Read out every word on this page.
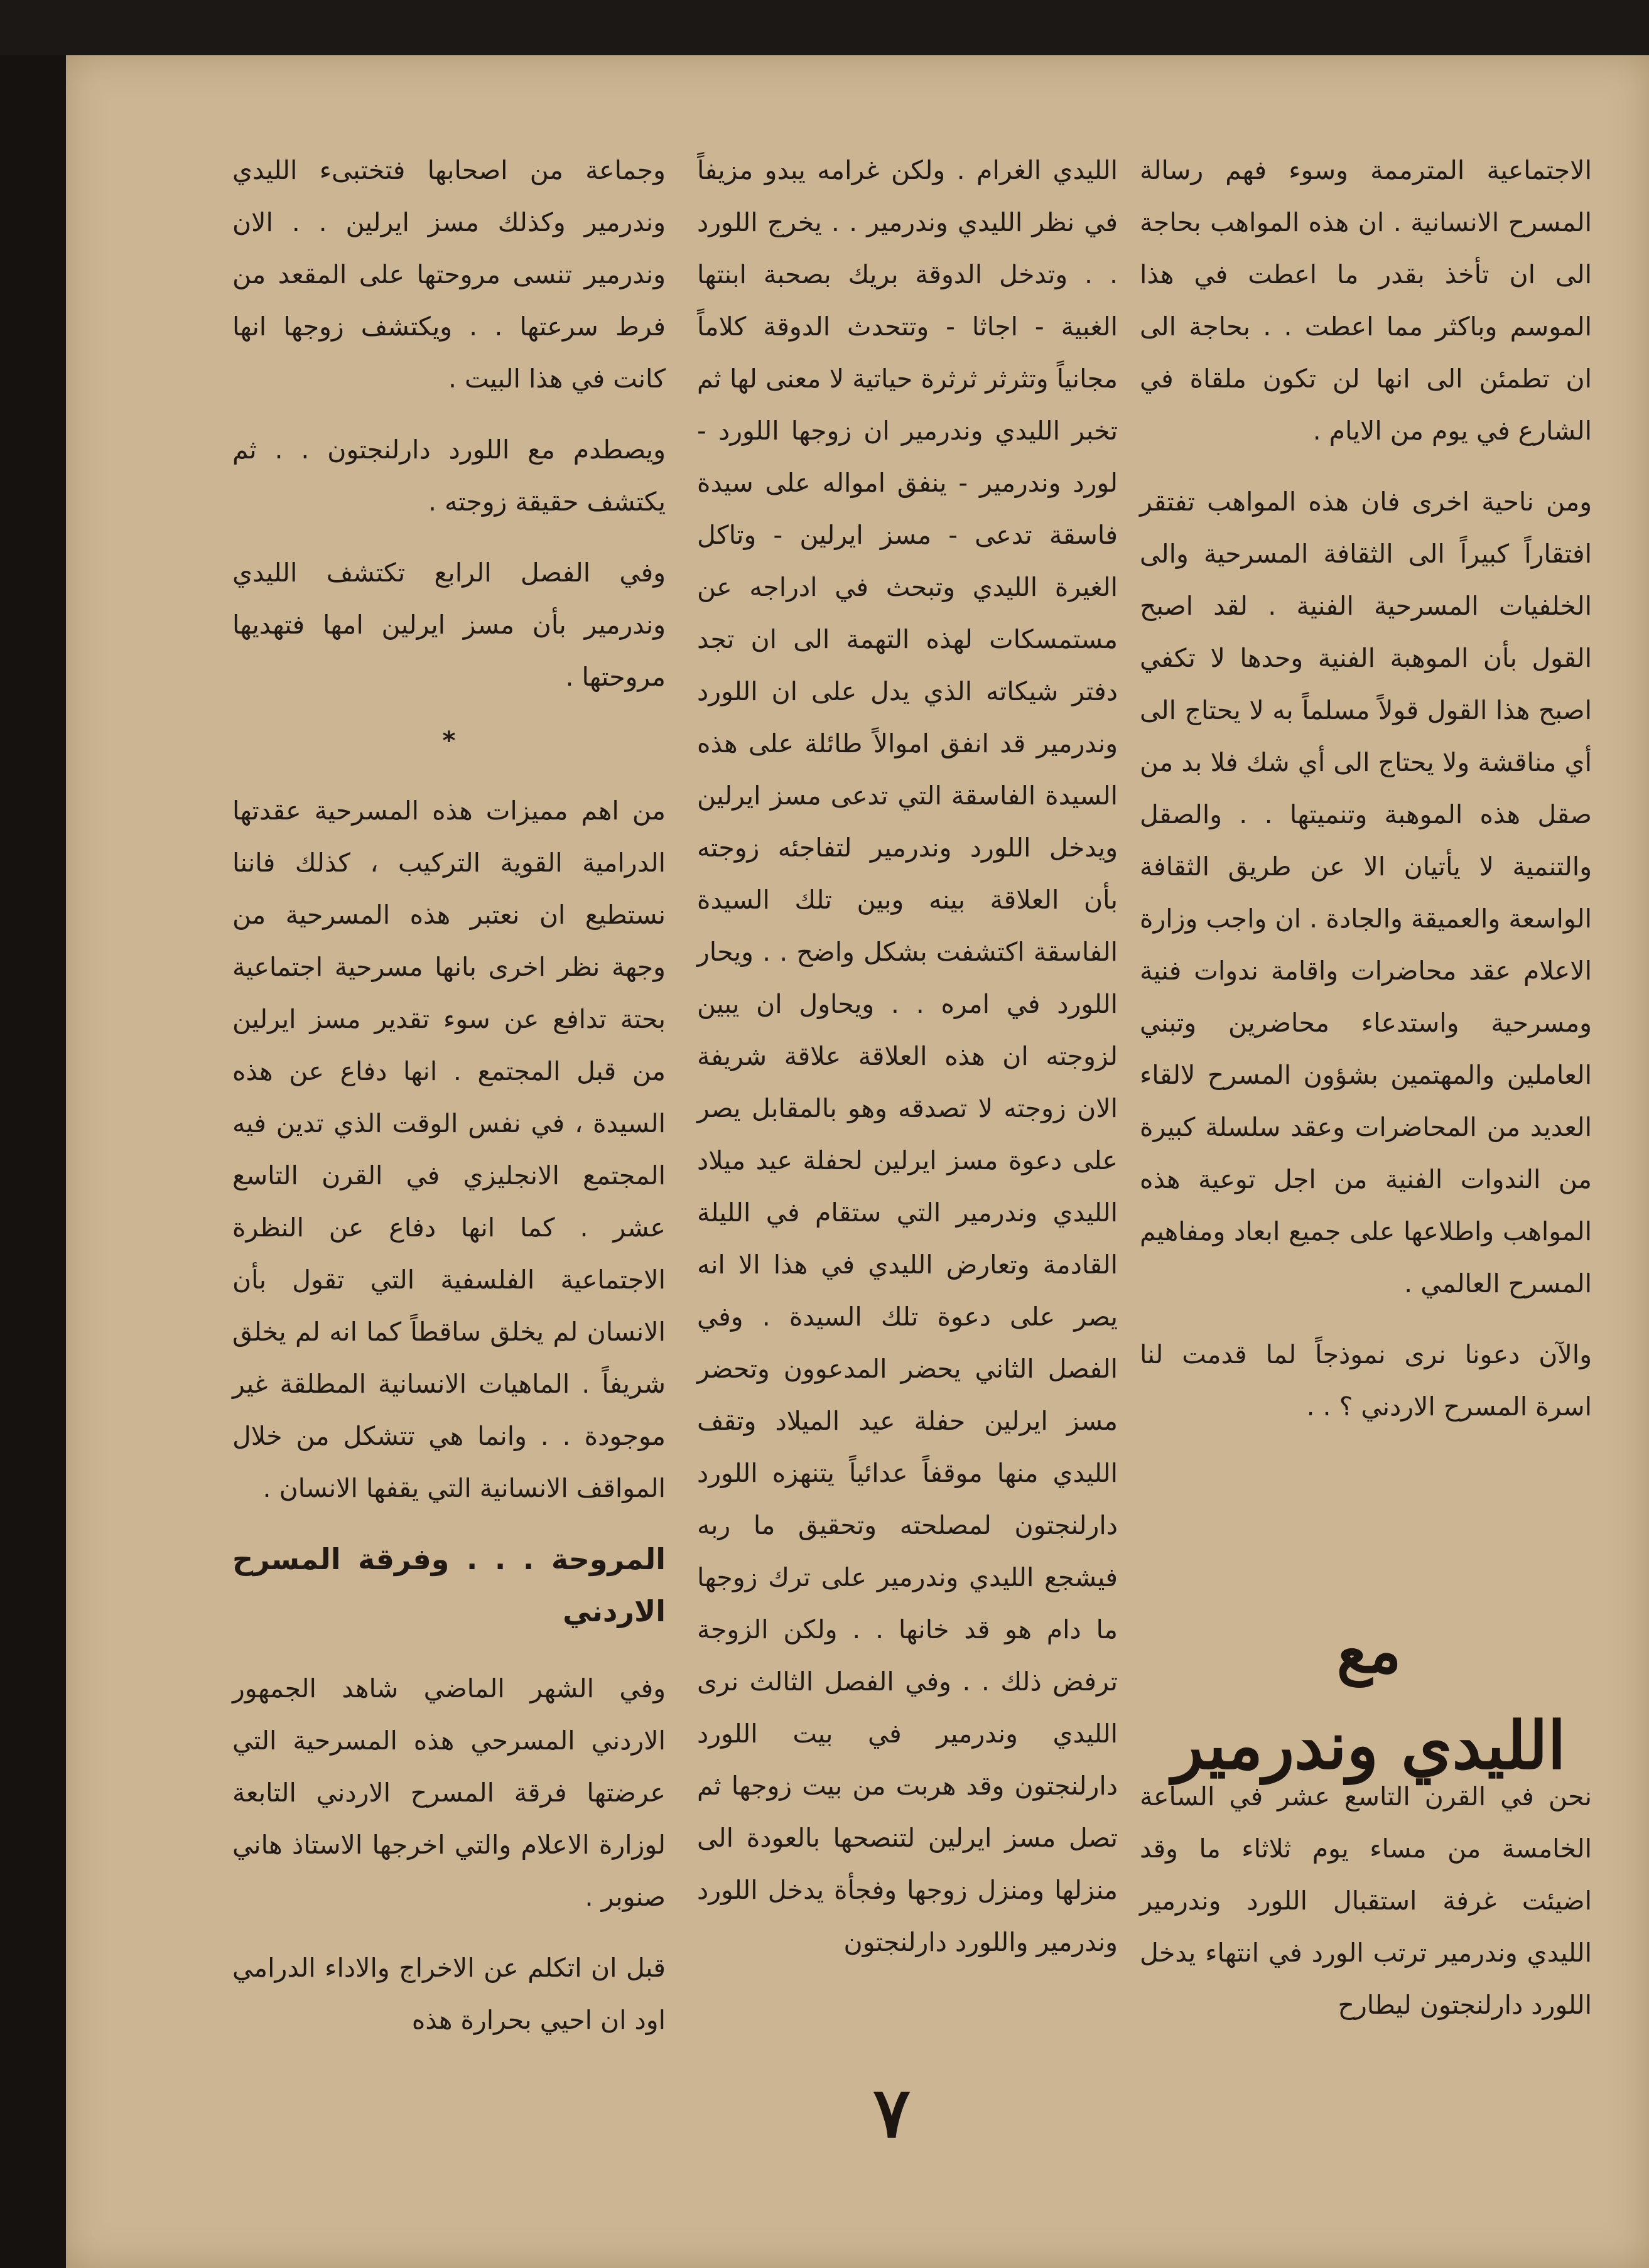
الاجتماعية المترممة وسوء فهم رسالة المسرح الانسانية . ان هذه المواهب بحاجة الى ان تأخذ بقدر ما اعطت في هذا الموسم وباكثر مما اعطت . . بحاجة الى ان تطمئن الى انها لن تكون ملقاة في الشارع في يوم من الايام .

ومن ناحية اخرى فان هذه المواهب تفتقر افتقاراً كبيراً الى الثقافة المسرحية والى الخلفيات المسرحية الفنية . لقد اصبح القول بأن الموهبة الفنية وحدها لا تكفي اصبح هذا القول قولاً مسلماً به لا يحتاج الى أي مناقشة ولا يحتاج الى أي شك فلا بد من صقل هذه الموهبة وتنميتها . . والصقل والتنمية لا يأتيان الا عن طريق الثقافة الواسعة والعميقة والجادة . ان واجب وزارة الاعلام عقد محاضرات واقامة ندوات فنية ومسرحية واستدعاء محاضرين وتبني العاملين والمهتمين بشؤون المسرح لالقاء العديد من المحاضرات وعقد سلسلة كبيرة من الندوات الفنية من اجل توعية هذه المواهب واطلاعها على جميع ابعاد ومفاهيم المسرح العالمي .

والآن دعونا نرى نموذجاً لما قدمت لنا اسرة المسرح الاردني ؟ . .

مع
الليدي وندرمير

نحن في القرن التاسع عشر في الساعة الخامسة من مساء يوم ثلاثاء ما وقد اضيئت غرفة استقبال اللورد وندرمير الليدي وندرمير ترتب الورد في انتهاء يدخل اللورد دارلنجتون ليطارح

الليدي الغرام . ولكن غرامه يبدو مزيفاً في نظر الليدي وندرمير . . يخرج اللورد . . وتدخل الدوقة بريك بصحبة ابنتها الغبية - اجاثا - وتتحدث الدوقة كلاماً مجانياً وتثرثر ثرثرة حياتية لا معنى لها ثم تخبر الليدي وندرمير ان زوجها اللورد - لورد وندرمير - ينفق امواله على سيدة فاسقة تدعى - مسز ايرلين - وتاكل الغيرة الليدي وتبحث في ادراجه عن مستمسكات لهذه التهمة الى ان تجد دفتر شيكاته الذي يدل على ان اللورد وندرمير قد انفق اموالاً طائلة على هذه السيدة الفاسقة التي تدعى مسز ايرلين ويدخل اللورد وندرمير لتفاجئه زوجته بأن العلاقة بينه وبين تلك السيدة الفاسقة اكتشفت بشكل واضح . . ويحار اللورد في امره . . ويحاول ان يبين لزوجته ان هذه العلاقة علاقة شريفة الان زوجته لا تصدقه وهو بالمقابل يصر على دعوة مسز ايرلين لحفلة عيد ميلاد الليدي وندرمير التي ستقام في الليلة القادمة وتعارض الليدي في هذا الا انه يصر على دعوة تلك السيدة . وفي الفصل الثاني يحضر المدعوون وتحضر مسز ايرلين حفلة عيد الميلاد وتقف الليدي منها موقفاً عدائياً يتنهزه اللورد دارلنجتون لمصلحته وتحقيق ما ربه فيشجع الليدي وندرمير على ترك زوجها ما دام هو قد خانها . . ولكن الزوجة ترفض ذلك . . وفي الفصل الثالث نرى الليدي وندرمير في بيت اللورد دارلنجتون وقد هربت من بيت زوجها ثم تصل مسز ايرلين لتنصحها بالعودة الى منزلها ومنزل زوجها وفجأة يدخل اللورد وندرمير واللورد دارلنجتون

وجماعة من اصحابها فتختبىء الليدي وندرمير وكذلك مسز ايرلين . . الان وندرمير تنسى مروحتها على المقعد من فرط سرعتها . . ويكتشف زوجها انها كانت في هذا البيت .

ويصطدم مع اللورد دارلنجتون . . ثم يكتشف حقيقة زوجته .

وفي الفصل الرابع تكتشف الليدي وندرمير بأن مسز ايرلين امها فتهديها مروحتها .

*

من اهم مميزات هذه المسرحية عقدتها الدرامية القوية التركيب ، كذلك فاننا نستطيع ان نعتبر هذه المسرحية من وجهة نظر اخرى بانها مسرحية اجتماعية بحتة تدافع عن سوء تقدير مسز ايرلين من قبل المجتمع . انها دفاع عن هذه السيدة ، في نفس الوقت الذي تدين فيه المجتمع الانجليزي في القرن التاسع عشر . كما انها دفاع عن النظرة الاجتماعية الفلسفية التي تقول بأن الانسان لم يخلق ساقطاً كما انه لم يخلق شريفاً . الماهيات الانسانية المطلقة غير موجودة . . وانما هي تتشكل من خلال المواقف الانسانية التي يقفها الانسان .

المروحة . . . وفرقة المسرح الاردني

وفي الشهر الماضي شاهد الجمهور الاردني المسرحي هذه المسرحية التي عرضتها فرقة المسرح الاردني التابعة لوزارة الاعلام والتي اخرجها الاستاذ هاني صنوبر .

قبل ان اتكلم عن الاخراج والاداء الدرامي اود ان احيي بحرارة هذه

٧
